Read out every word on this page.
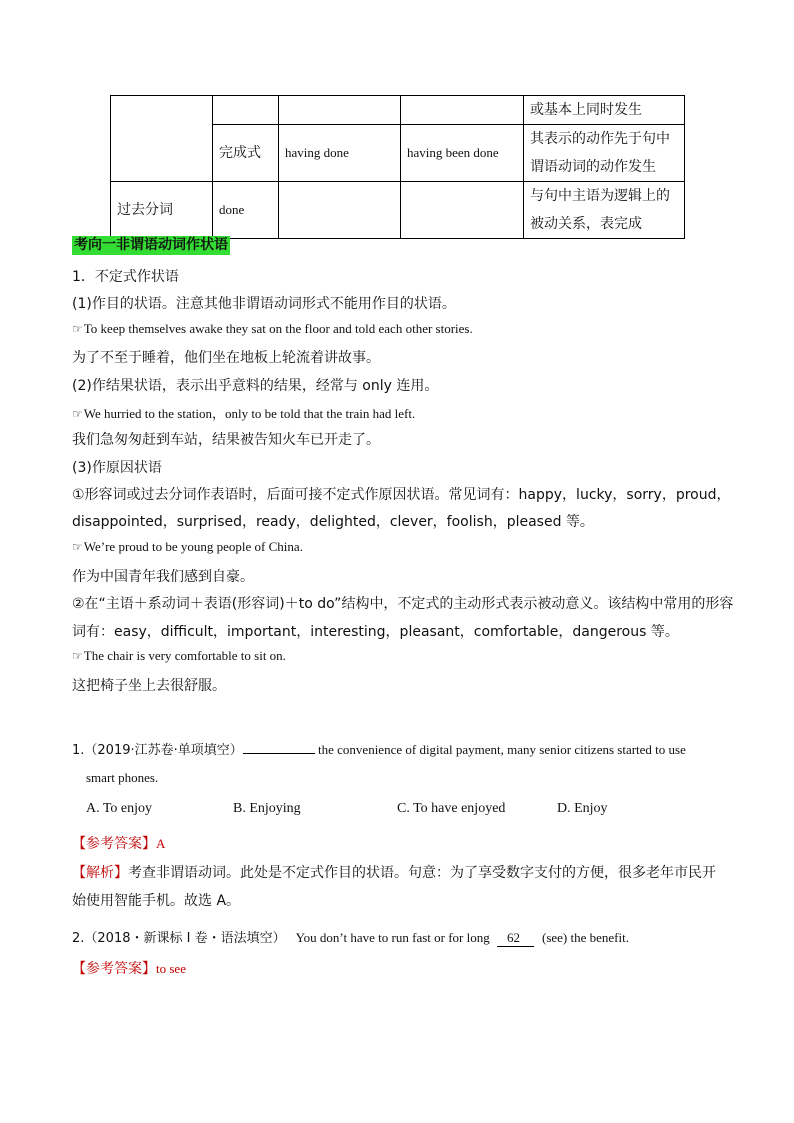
				或基本上同时发生
	完成式	having done	having been done	其表示的动作先于句中谓语动词的动作发生
过去分词	done			与句中主语为逻辑上的被动关系，表完成
考向一非谓语动词作状语
1．不定式作状语
(1)作目的状语。注意其他非谓语动词形式不能用作目的状语。
☞To keep themselves awake they sat on the floor and told each other stories.
为了不至于睡着，他们坐在地板上轮流着讲故事。
(2)作结果状语，表示出乎意料的结果，经常与 only 连用。
☞We hurried to the station，only to be told that the train had left.
我们急匆匆赶到车站，结果被告知火车已开走了。
(3)作原因状语
①形容词或过去分词作表语时，后面可接不定式作原因状语。常见词有：happy，lucky，sorry，proud，
disappointed，surprised，ready，delighted，clever，foolish，pleased 等。
☞We’re proud to be young people of China.
作为中国青年我们感到自豪。
②在“主语＋系动词＋表语(形容词)＋to do”结构中，不定式的主动形式表示被动意义。该结构中常用的形容
词有：easy，difficult，important，interesting，pleasant，comfortable，dangerous 等。
☞The chair is very comfortable to sit on.
这把椅子坐上去很舒服。
1.（2019·江苏卷·单项填空）	the convenience of digital payment, many senior citizens started to use
smart phones.
A. To enjoy	B. Enjoying	C. To have enjoyed	D. Enjoy
【参考答案】A
【解析】考查非谓语动词。此处是不定式作目的状语。句意：为了享受数字支付的方便，很多老年市民开
始使用智能手机。故选 A。
2.（2018・新课标 I 卷・语法填空） You don’t have to run fast or for long 62 (see) the benefit.
【参考答案】to see
